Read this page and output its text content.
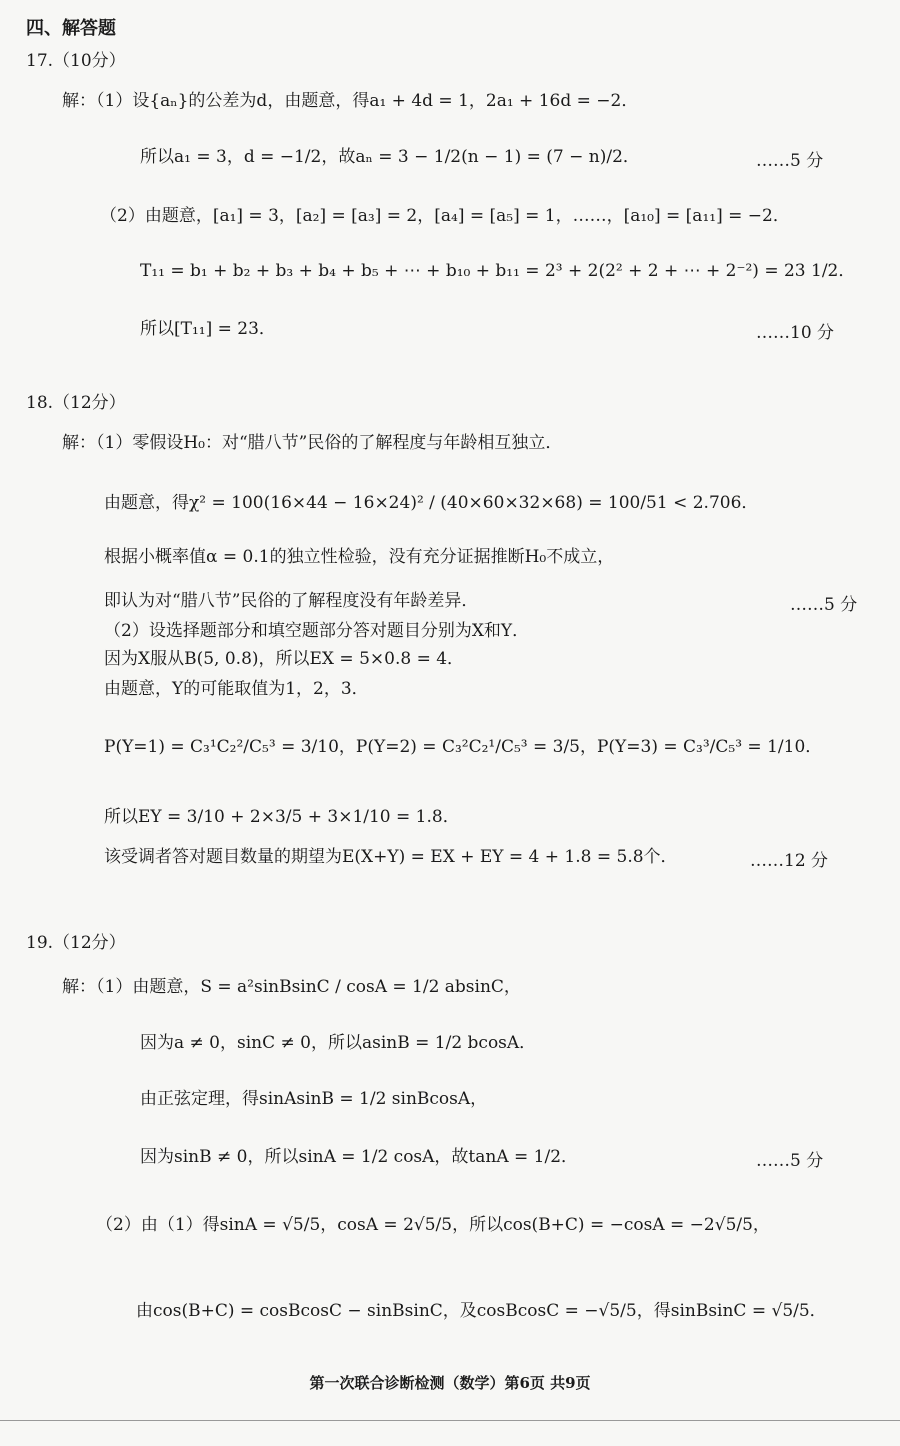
四、解答题
17.（10分）
解：（1）设{aₙ}的公差为d，由题意，得a₁ + 4d = 1，2a₁ + 16d = −2．
所以a₁ = 3，d = −1/2，故aₙ = 3 − 1/2(n − 1) = (7 − n)/2．	……5 分
（2）由题意，[a₁] = 3，[a₂] = [a₃] = 2，[a₄] = [a₅] = 1，……，[a₁₀] = [a₁₁] = −2．
T₁₁ = b₁ + b₂ + b₃ + b₄ + b₅ + ⋯ + b₁₀ + b₁₁ = 2³ + 2(2² + 2 + ⋯ + 2⁻²) = 23 1/2．
所以[T₁₁] = 23．	……10 分
18.（12分）
解：（1）零假设H₀：对“腊八节”民俗的了解程度与年龄相互独立．
由题意，得χ² = 100(16×44 − 16×24)² / (40×60×32×68) = 100/51 < 2.706．
根据小概率值α = 0.1的独立性检验，没有充分证据推断H₀不成立，
即认为对“腊八节”民俗的了解程度没有年龄差异．	……5 分
（2）设选择题部分和填空题部分答对题目分别为X和Y．
因为X服从B(5, 0.8)，所以EX = 5×0.8 = 4．
由题意，Y的可能取值为1，2，3．
P(Y=1) = C₃¹C₂²/C₅³ = 3/10，P(Y=2) = C₃²C₂¹/C₅³ = 3/5，P(Y=3) = C₃³/C₅³ = 1/10．
所以EY = 3/10 + 2×3/5 + 3×1/10 = 1.8．
该受调者答对题目数量的期望为E(X+Y) = EX + EY = 4 + 1.8 = 5.8个．	……12 分
19.（12分）
解：（1）由题意，S = a²sinBsinC / cosA = 1/2 absinC，
因为a ≠ 0，sinC ≠ 0，所以asinB = 1/2 bcosA．
由正弦定理，得sinAsinB = 1/2 sinBcosA，
因为sinB ≠ 0，所以sinA = 1/2 cosA，故tanA = 1/2．	……5 分
（2）由（1）得sinA = √5/5，cosA = 2√5/5，所以cos(B+C) = −cosA = −2√5/5，
由cos(B+C) = cosBcosC − sinBsinC，及cosBcosC = −√5/5，得sinBsinC = √5/5．
第一次联合诊断检测（数学）第6页 共9页
